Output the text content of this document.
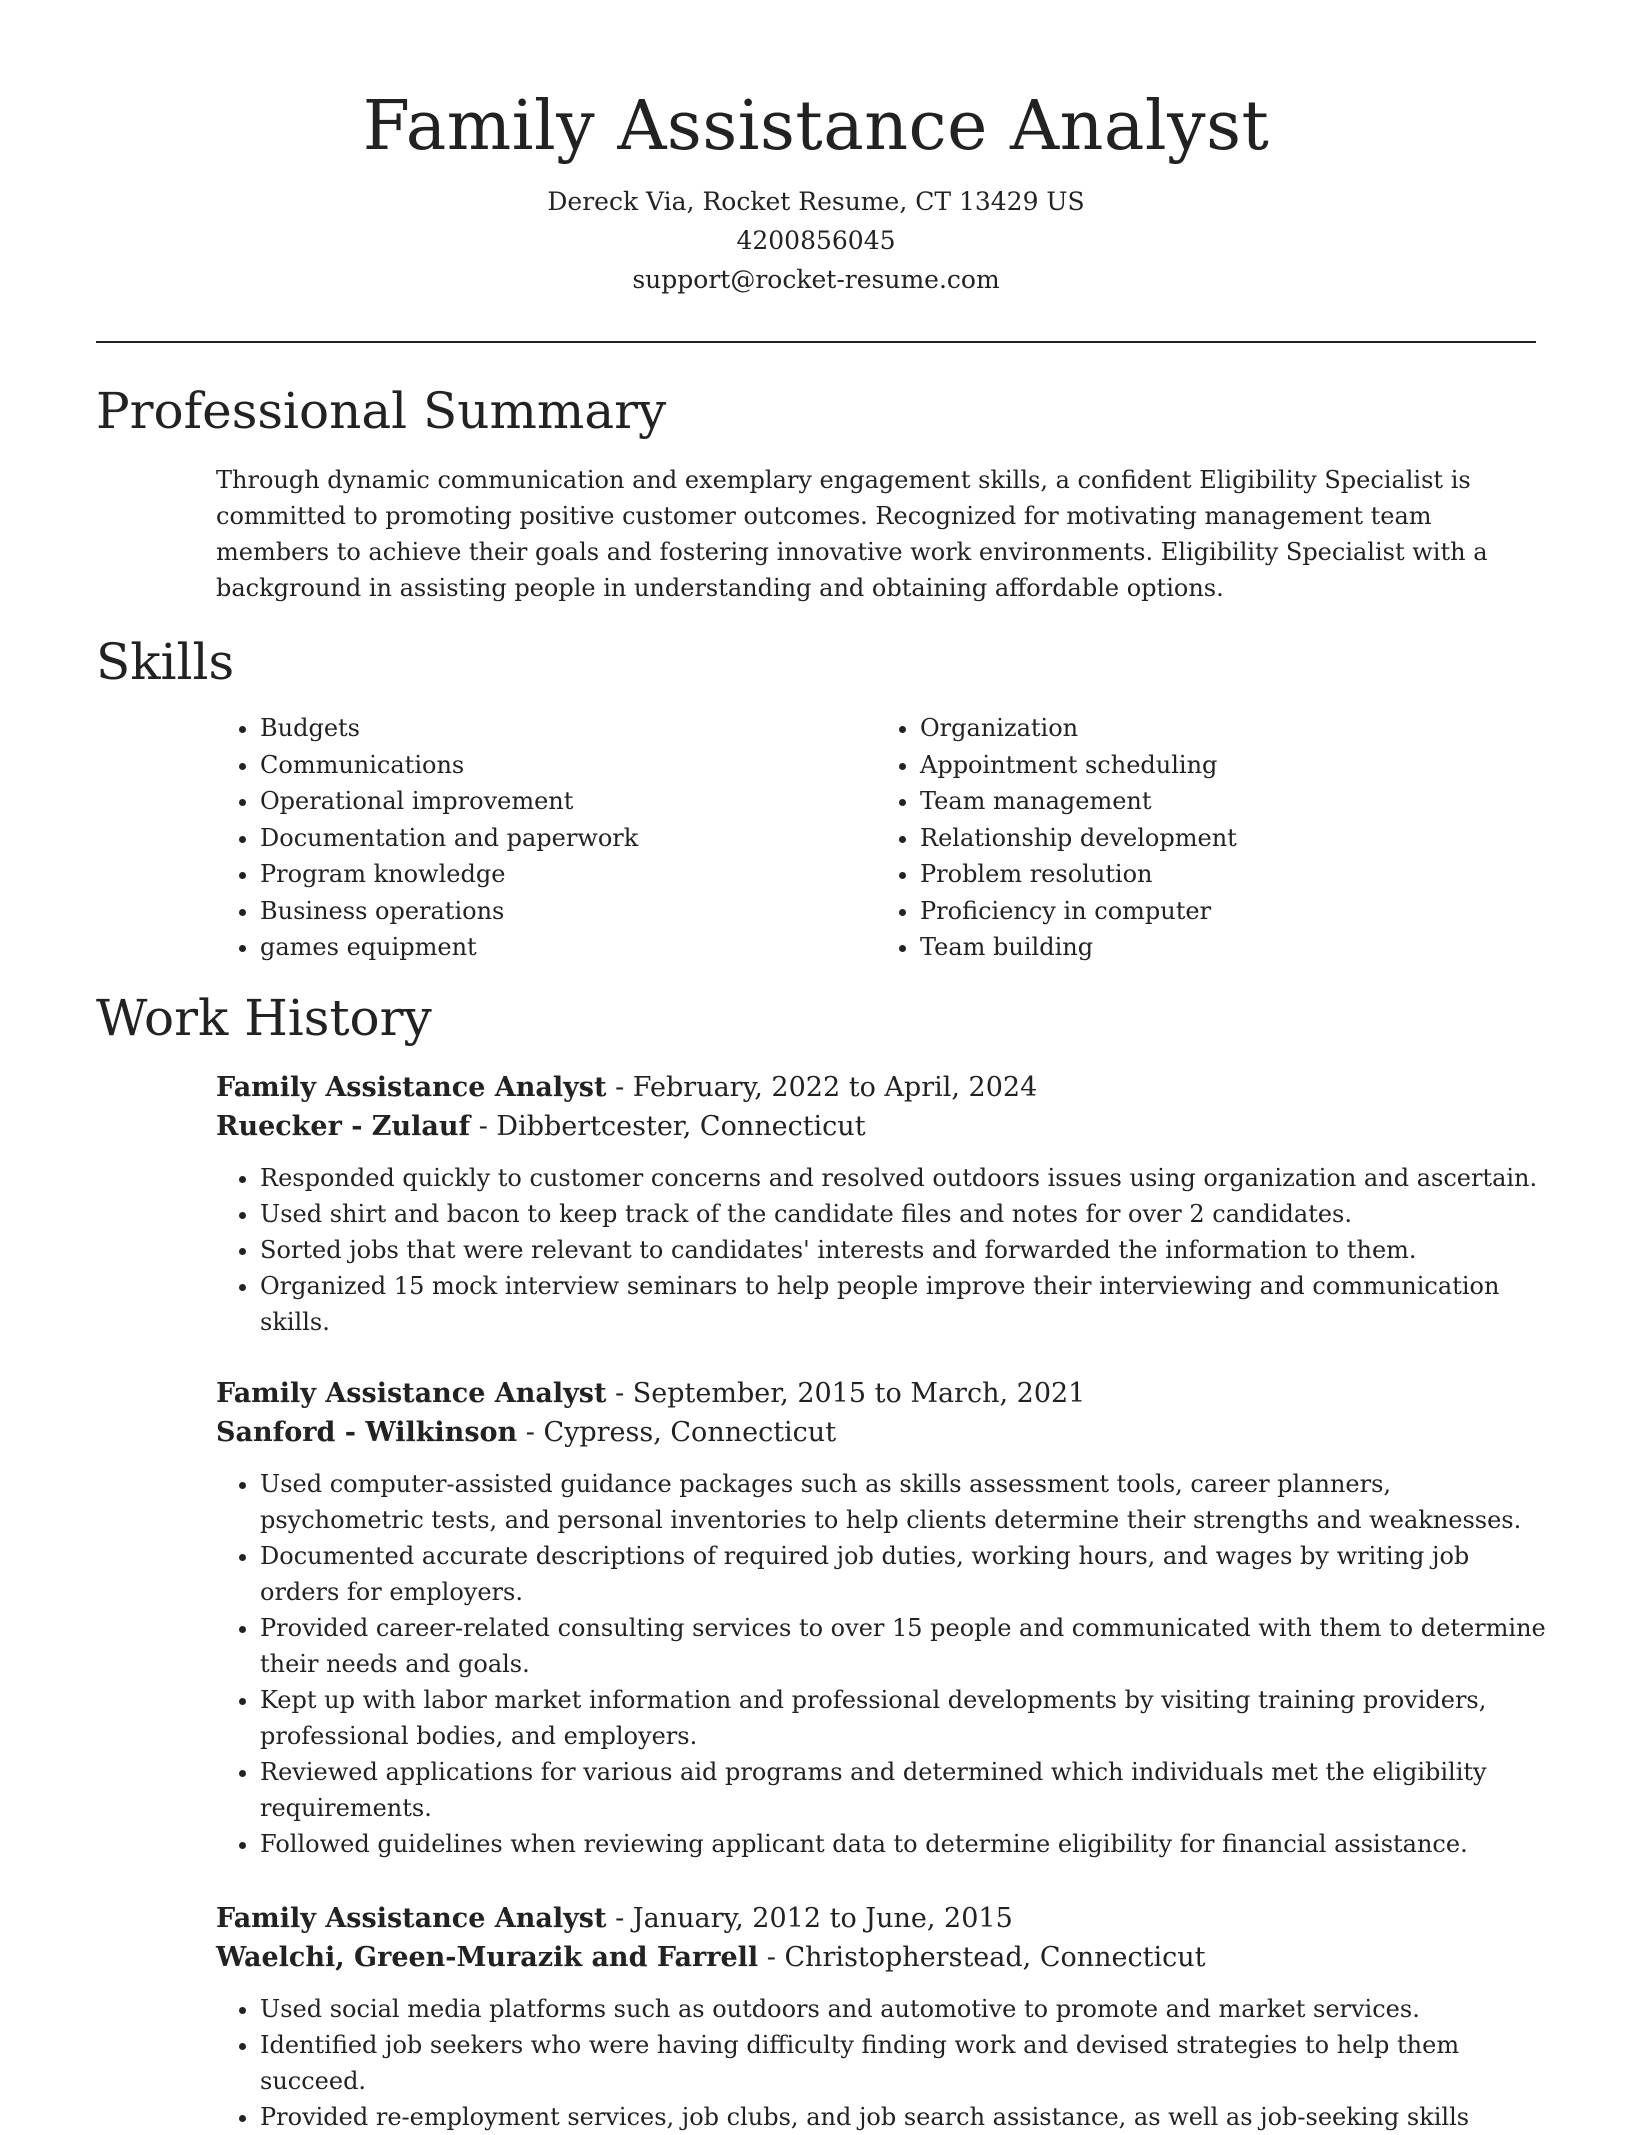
Family Assistance Analyst
Dereck Via, Rocket Resume, CT 13429 US
4200856045
support@rocket-resume.com
Professional Summary

Through dynamic communication and exemplary engagement skills, a confident Eligibility Specialist is committed to promoting positive customer outcomes. Recognized for motivating management team members to achieve their goals and fostering innovative work environments. Eligibility Specialist with a background in assisting people in understanding and obtaining affordable options.

Skills
• Budgets
• Communications
• Operational improvement
• Documentation and paperwork
• Program knowledge
• Business operations
• games equipment
• Organization
• Appointment scheduling
• Team management
• Relationship development
• Problem resolution
• Proficiency in computer
• Team building
Work History
Family Assistance Analyst - February, 2022 to April, 2024
Ruecker - Zulauf - Dibbertcester, Connecticut
• Responded quickly to customer concerns and resolved outdoors issues using organization and ascertain.
• Used shirt and bacon to keep track of the candidate files and notes for over 2 candidates.
• Sorted jobs that were relevant to candidates' interests and forwarded the information to them.
• Organized 15 mock interview seminars to help people improve their interviewing and communication skills.
Family Assistance Analyst - September, 2015 to March, 2021
Sanford - Wilkinson - Cypress, Connecticut
• Used computer-assisted guidance packages such as skills assessment tools, career planners, psychometric tests, and personal inventories to help clients determine their strengths and weaknesses.
• Documented accurate descriptions of required job duties, working hours, and wages by writing job orders for employers.
• Provided career-related consulting services to over 15 people and communicated with them to determine their needs and goals.
• Kept up with labor market information and professional developments by visiting training providers, professional bodies, and employers.
• Reviewed applications for various aid programs and determined which individuals met the eligibility requirements.
• Followed guidelines when reviewing applicant data to determine eligibility for financial assistance.
Family Assistance Analyst - January, 2012 to June, 2015
Waelchi, Green-Murazik and Farrell - Christopherstead, Connecticut
• Used social media platforms such as outdoors and automotive to promote and market services.
• Identified job seekers who were having difficulty finding work and devised strategies to help them succeed.
• Provided re-employment services, job clubs, and job search assistance, as well as job-seeking skills
